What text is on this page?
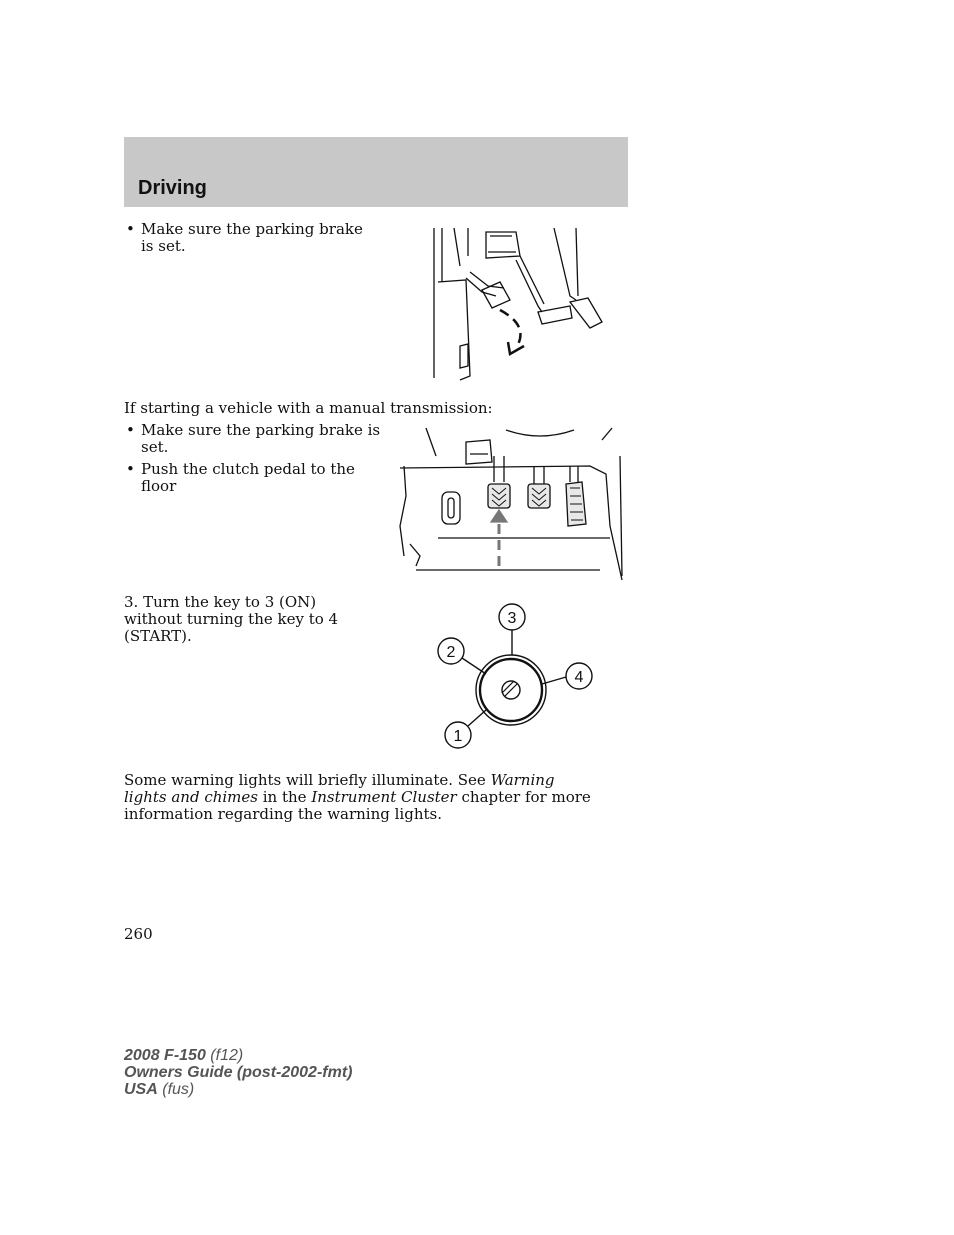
Driving
• Make sure the parking brake is set.
If starting a vehicle with a manual transmission:
• Make sure the parking brake is set.
• Push the clutch pedal to the floor
3. Turn the key to 3 (ON) without turning the key to 4 (START).
3
2
4
1

Some warning lights will briefly illuminate. See Warning lights and chimes in the Instrument Cluster chapter for more information regarding the warning lights.

260
2008 F-150 (f12)
Owners Guide (post-2002-fmt)
USA (fus)
